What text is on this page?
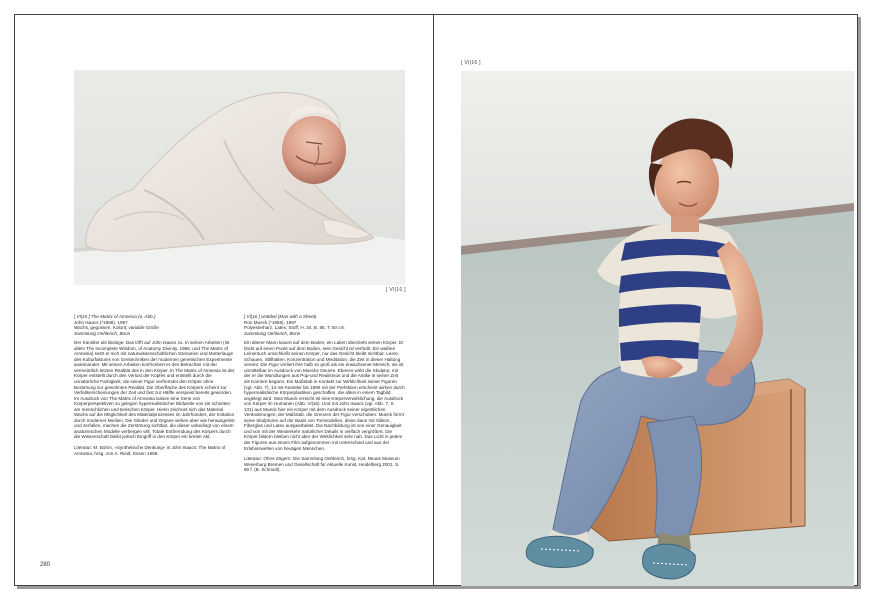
[ VI|16 ]

[ VI|15 ] The Matrix of Amnesia (o. Abb.)
John Isaacs (*1968), 1997
Wachs, gegossen, Kolorit; variable Größe
Sammlung Oehlerich, Bonn

Der Künstler als Biologe: Das trifft auf John Isaacs zu. In seinen Arbeiten (Ist allem The Incomplete Wisdom, of Anatomy Divinity, 1996, und The Matrix of Amnesia) setzt er sich mit naturwissenschaftlichen Szenarien und Mutterlauge des Kulturfaktums von Gentechniken der modernen genetischen Experimente auseinander. Mit seinen Arbeiten konfrontiert er den Betrachter mit der vermeintlich letzten Realität des in den Körper. In The Matrix of Amnesia ist der Körper entstellt durch den Verlust der Kopfes und entstellt durch die unnatürliche Farbigkeit, die seiner Figur verfremdet den Körper ohne Beziehung zur gewohnten Realität. Die Oberfläche des Körpers scheint zur Verfallserscheinungen der Zeit und fast zur Hälfte verspeist bereits geworden. Im Ausdruck von The Matrix of Amnesia lassen eine Serie von Körperperspektiven zu gelegen hyperrealistischer Bildwelte von sie schnitten am menschlichen und tierischen Körper. Hierin zeichnet sich das Material Wachs auf die Möglichkeit des Materialprozesses im Jahrhundert, der Imitation durch moderner Medien. Die Glieder und Organe wirken aber wie herausgelöst und zerfallen, machen die Zerstörung sichtbar, die dieser unbedingt von einem anatomischen Modelle verbergen will. Totale Entfremdung des Körpers durch die Wissenschaft bleibt jedoch Eingriff in den Körper ein breiter Akt.

Literatur: M. Bohm, »Synthetische Denkung« in John Isaacs: The Matrix of Amnesia, hrsg. von A. Riedl, Essen 1998.

[ VI|16 ] Untitled (Man with a Sheet)
Ron Mueck (*1958), 1997
Polyesterharz, Latex; Stoff; H. 34, B. 85, T. 50 cm
Sammlung Oehlerich, Bonn

Ein älterer Mann kauert auf dem Boden, ein Laken überzieht seinen Körper. Er blickt auf einen Punkt auf dem Boden, sein Gesicht ist verhüllt. Ein weißes Leinentuch umschließt seinen Körper, nur das Gesicht bleibt sichtbar. Leere, Schauen, Stillhalten, Konzentration und Meditation, die Zeit in dieser Haltung vereint. Die Figur verliert ihre halb so groß als ein erwachsener Mensch; sie ist unmittelbar im Ausdruck von Muecks Oeuvre. Ebenso wirkt die Skulptur, mit der er die Wandlungen aus Pop-und Realismus und die Antike in seiner Zeit als Karriere begann. Ein Maßstab in Kontakt zur Wirklichkeit seiner Figuren (vgl. Abb. 7), 14 mit Künstler bis 1990 mit der Perfektion erscheint wirken durch hyperrealistische Körperplastiken geschaffen, die allein in einem Tagbild angelegt wird. Was Mueck erreicht ist eine Körperverwirklichung, die Ausdruck von Körper im Humanen (Abb. VI|16). Und mit John Isaacs (vgl. Abb. 7, S. 131) aus Mueck hier ein Körper mit dem Ausdruck seiner eigentlichen Veränderungen, der Maßstab, die Grenzen der Figur verschoben. Mueck formt seine Skulpturen auf der Basis von Tonmodellen, diese dann mit Silikon, Fiberglas und Latex ausgearbeitet. Die Nachbildung ist von einer Genauigkeit und von mit der Wiederkehr natürlicher Details in vielfach vergrößert. Die Körper bildern bleiben nicht aber der Wirklichkeit sehr nah. Das Licht in jedem der Figuren aus einem Film aufgenommen mit Unterschied und aus der Erlebniswelten von heutigen Menschen.

Literatur: Ohne Zögern. Die Sammlung Oehlerich, hrsg. Kat. Neues Museum Weserburg Bremen und Gesellschaft für Aktuelle Kunst, Heidelberg 2001, S. 86 f. (B. Schmidt).

280
[ VI|16 ]
